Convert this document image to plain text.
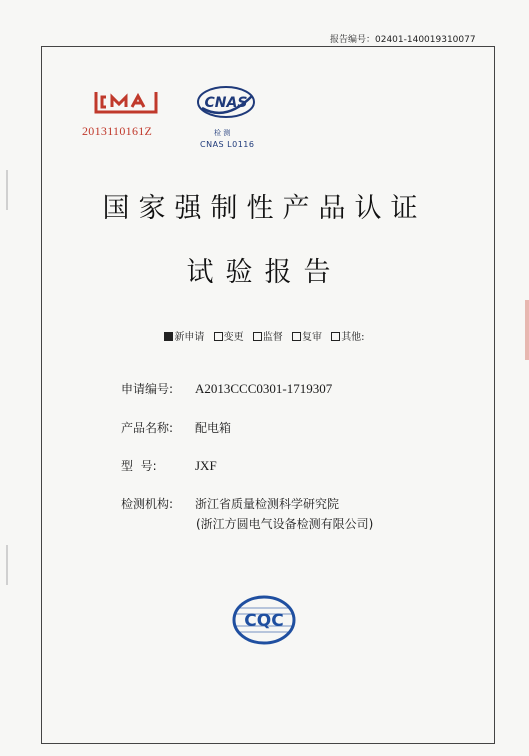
报告编号：02401-140019310077
2013110161Z
CNAS
检 测
CNAS L0116
国家强制性产品认证
试验报告
新申请 变更 监督 复审 其他:
申请编号: A2013CCC0301-1719307
产品名称: 配电箱
型  号:	JXF
检测机构: 浙江省质量检测科学研究院
(浙江方圆电气设备检测有限公司)
CQC
